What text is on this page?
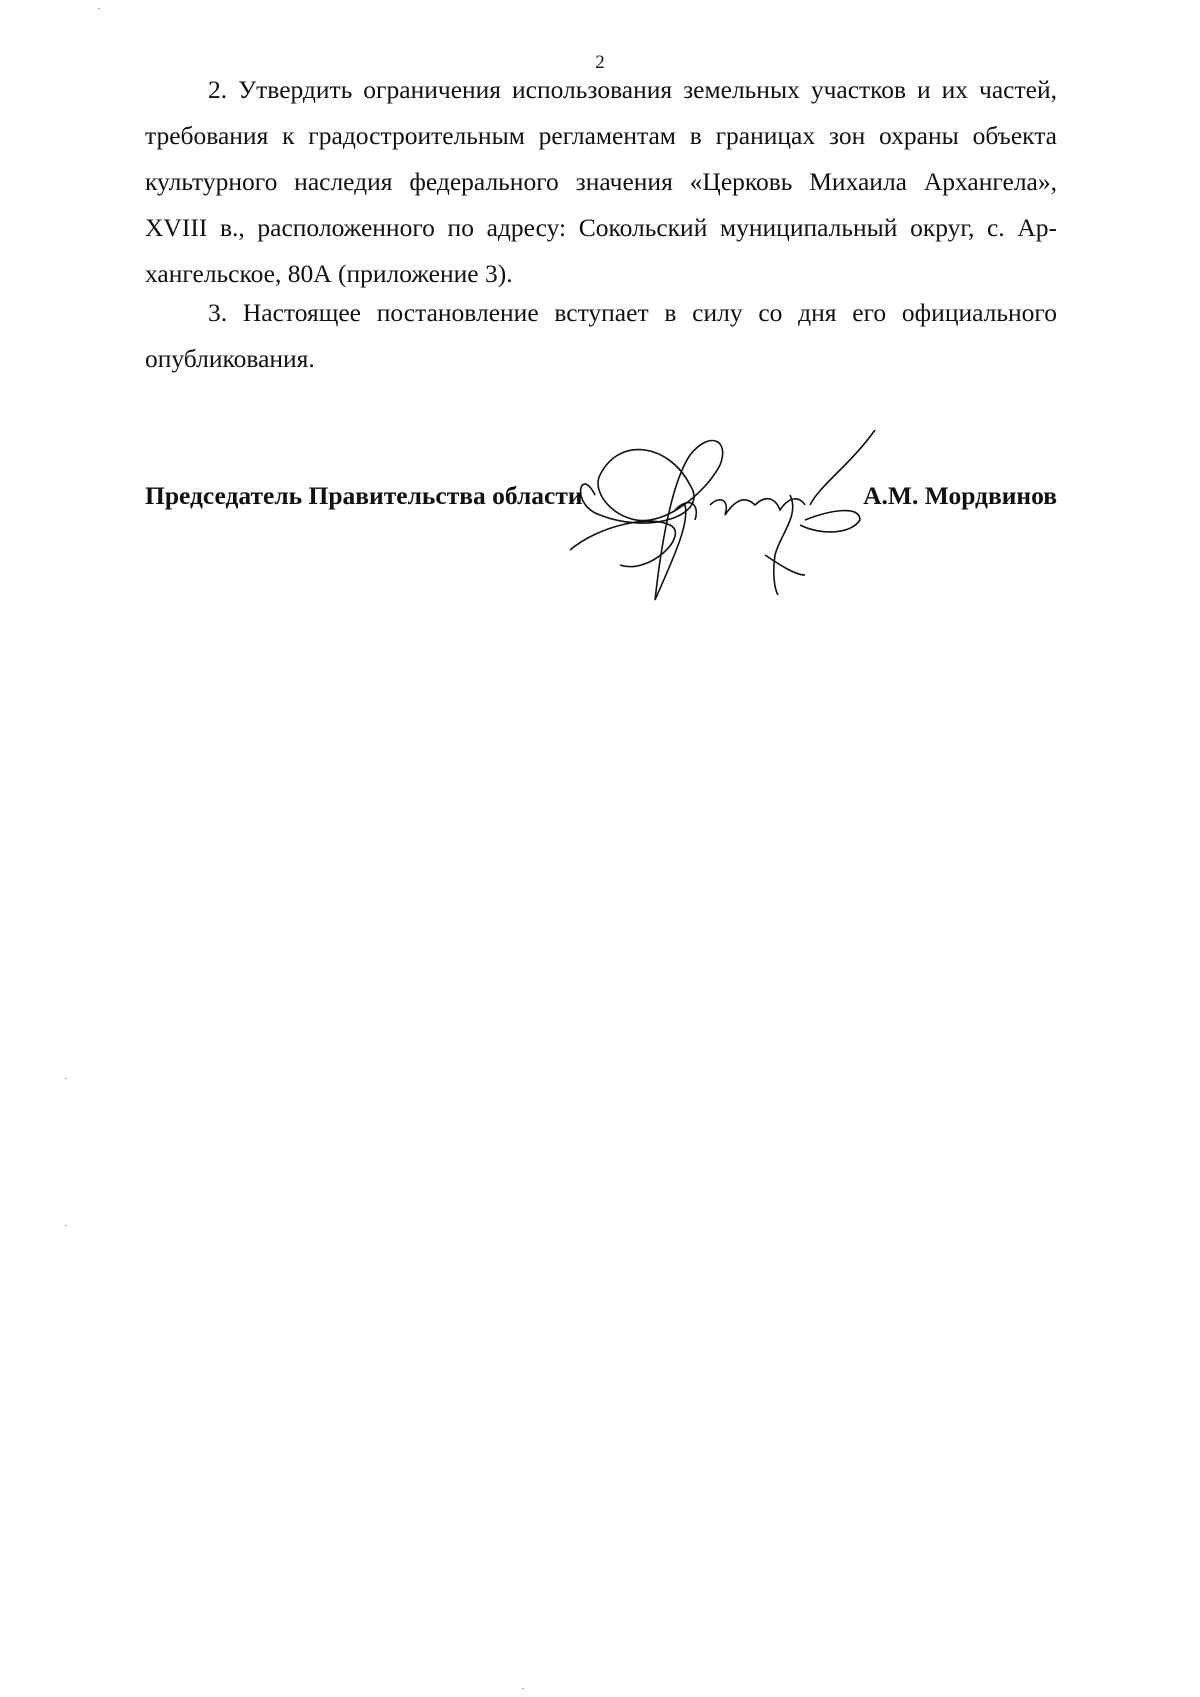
2
2. Утвердить ограничения использования земельных участков и их частей,
требования к градостроительным регламентам в границах зон охраны объекта
культурного наследия федерального значения «Церковь Михаила Архангела»,
XVIII в., расположенного по адресу: Сокольский муниципальный округ, с. Ар-
хангельское, 80А (приложение 3).
3. Настоящее постановление вступает в силу со дня его официального
опубликования.
Председатель Правительства области	А.М. Мордвинов
